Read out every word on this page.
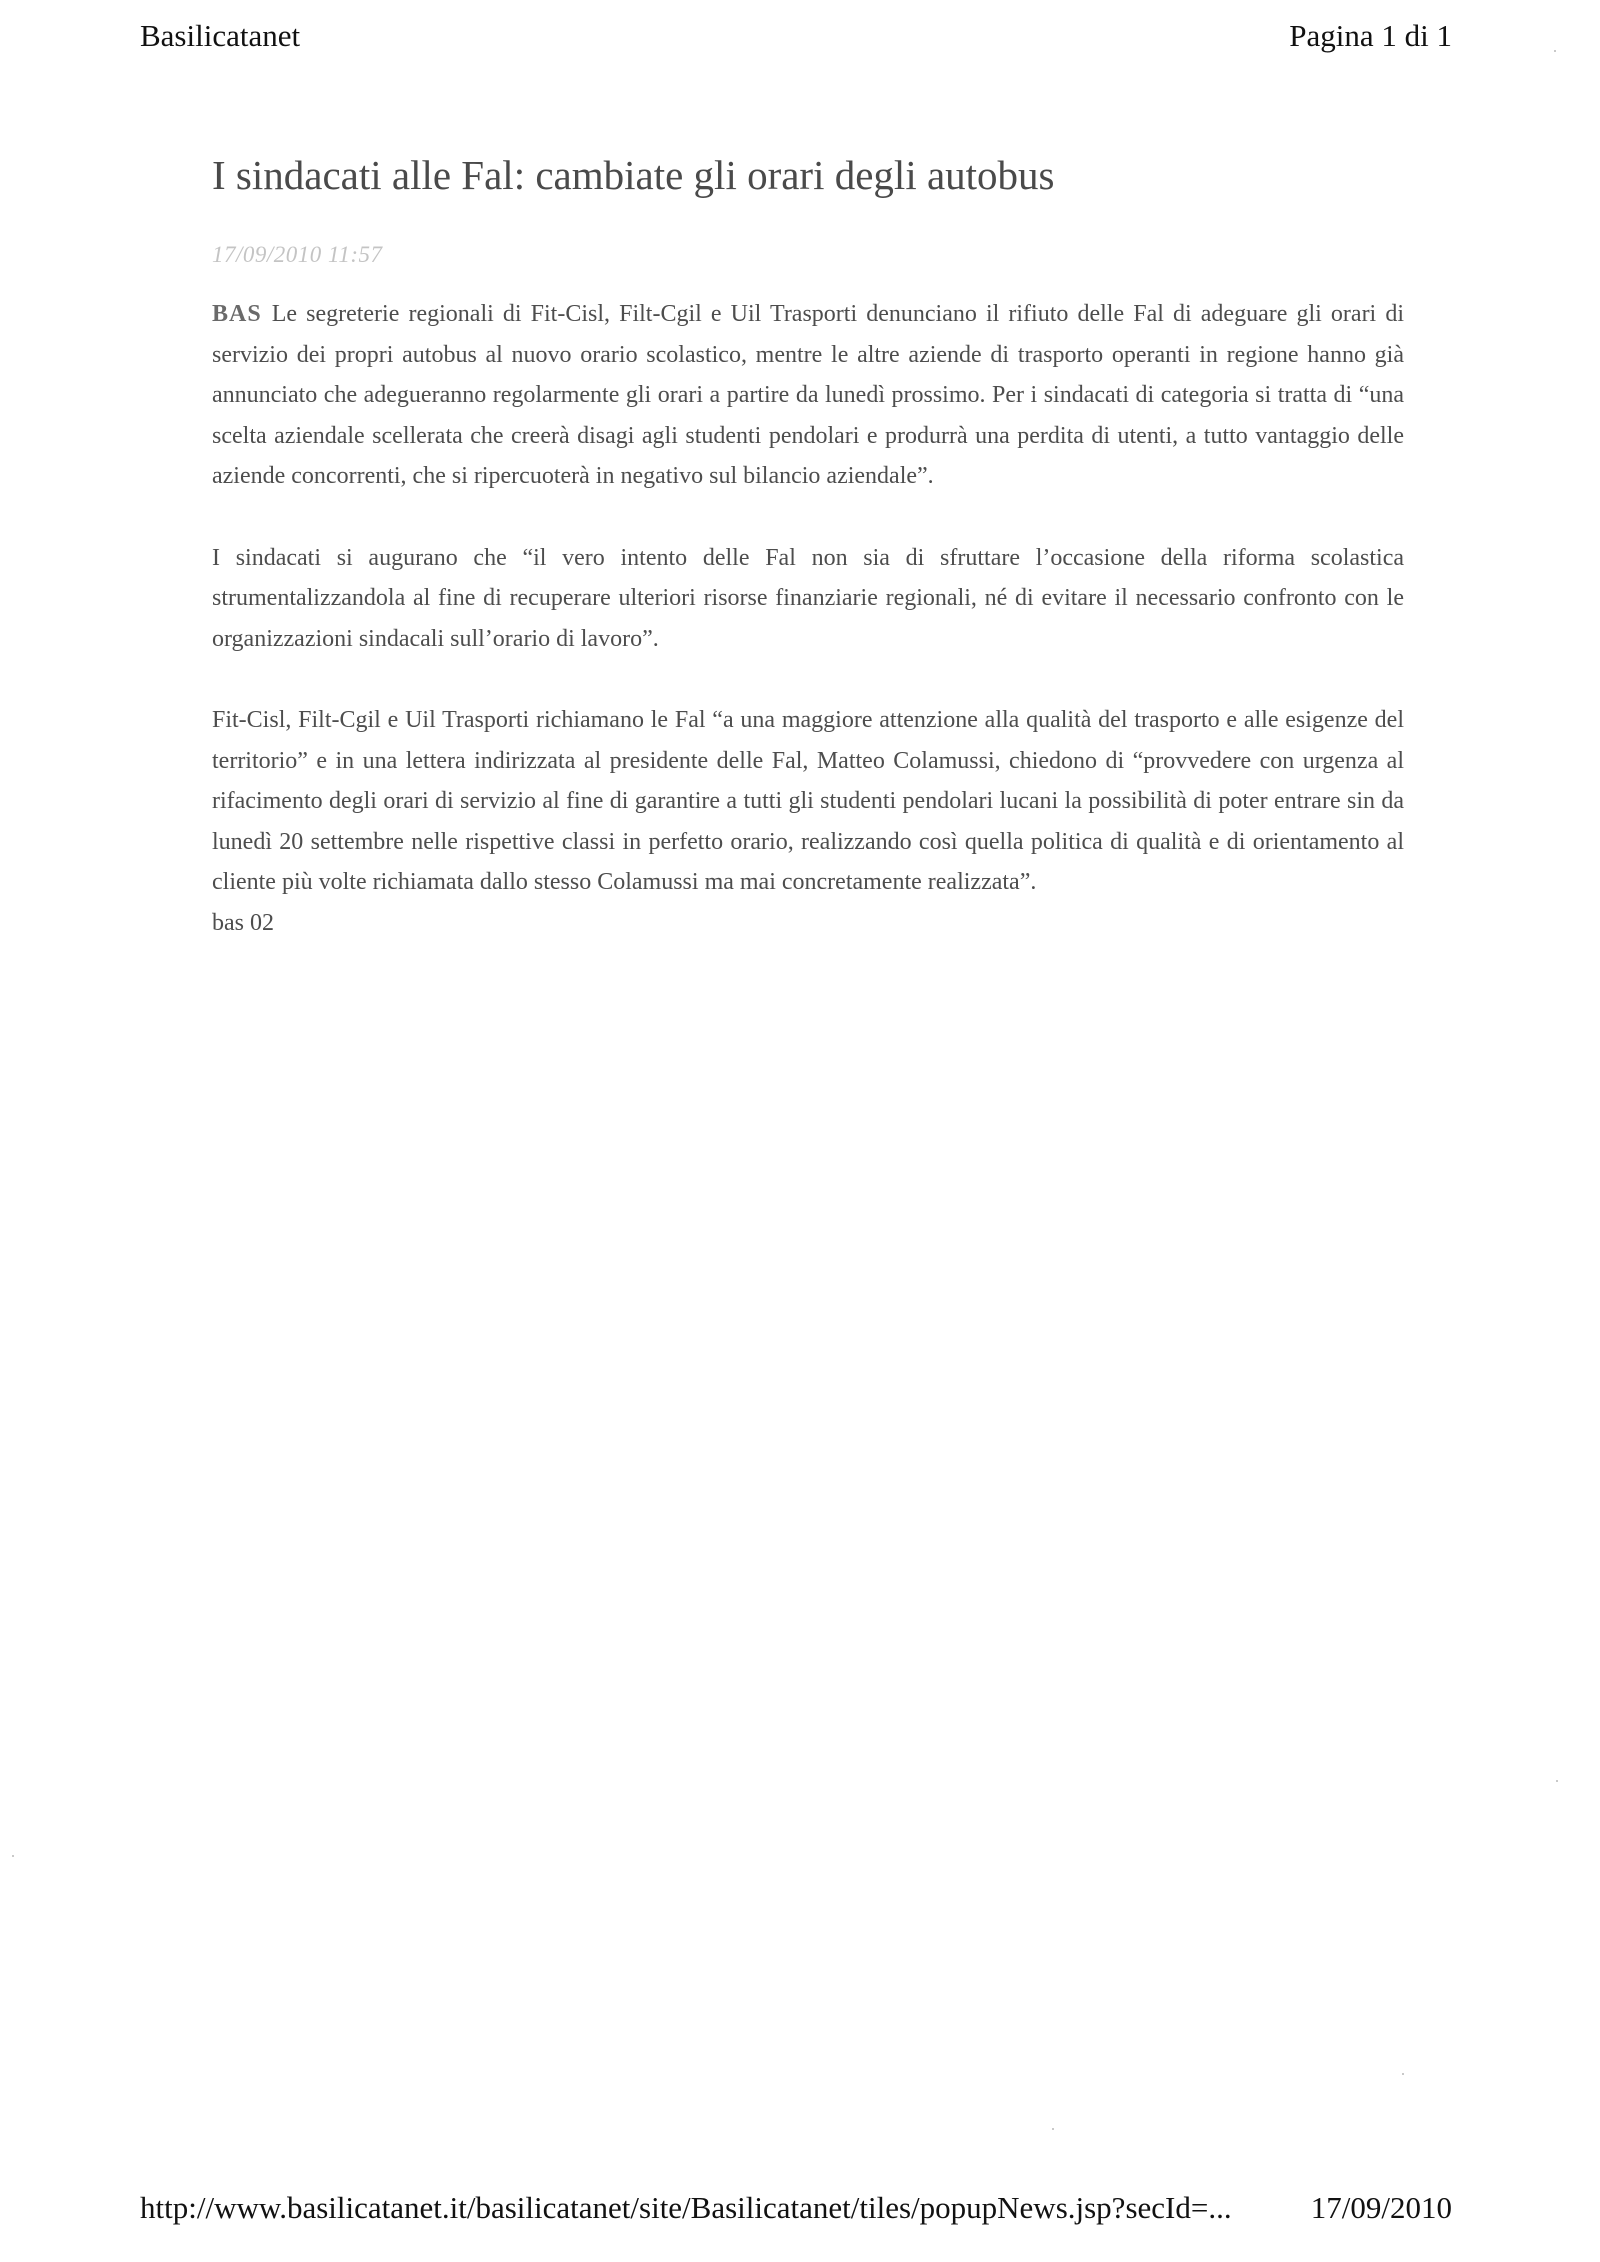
Basilicatanet	Pagina 1 di 1
I sindacati alle Fal: cambiate gli orari degli autobus
17/09/2010 11:57

BAS Le segreterie regionali di Fit-Cisl, Filt-Cgil e Uil Trasporti denunciano il rifiuto delle Fal di adeguare gli orari di servizio dei propri autobus al nuovo orario scolastico, mentre le altre aziende di trasporto operanti in regione hanno già annunciato che adegueranno regolarmente gli orari a partire da lunedì prossimo. Per i sindacati di categoria si tratta di “una scelta aziendale scellerata che creerà disagi agli studenti pendolari e produrrà una perdita di utenti, a tutto vantaggio delle aziende concorrenti, che si ripercuoterà in negativo sul bilancio aziendale”.

I sindacati si augurano che “il vero intento delle Fal non sia di sfruttare l’occasione della riforma scolastica strumentalizzandola al fine di recuperare ulteriori risorse finanziarie regionali, né di evitare il necessario confronto con le organizzazioni sindacali sull’orario di lavoro”.

Fit-Cisl, Filt-Cgil e Uil Trasporti richiamano le Fal “a una maggiore attenzione alla qualità del trasporto e alle esigenze del territorio” e in una lettera indirizzata al presidente delle Fal, Matteo Colamussi, chiedono di “provvedere con urgenza al rifacimento degli orari di servizio al fine di garantire a tutti gli studenti pendolari lucani la possibilità di poter entrare sin da lunedì 20 settembre nelle rispettive classi in perfetto orario, realizzando così quella politica di qualità e di orientamento al cliente più volte richiamata dallo stesso Colamussi ma mai concretamente realizzata”.

bas 02
http://www.basilicatanet.it/basilicatanet/site/Basilicatanet/tiles/popupNews.jsp?secId=...	17/09/2010
